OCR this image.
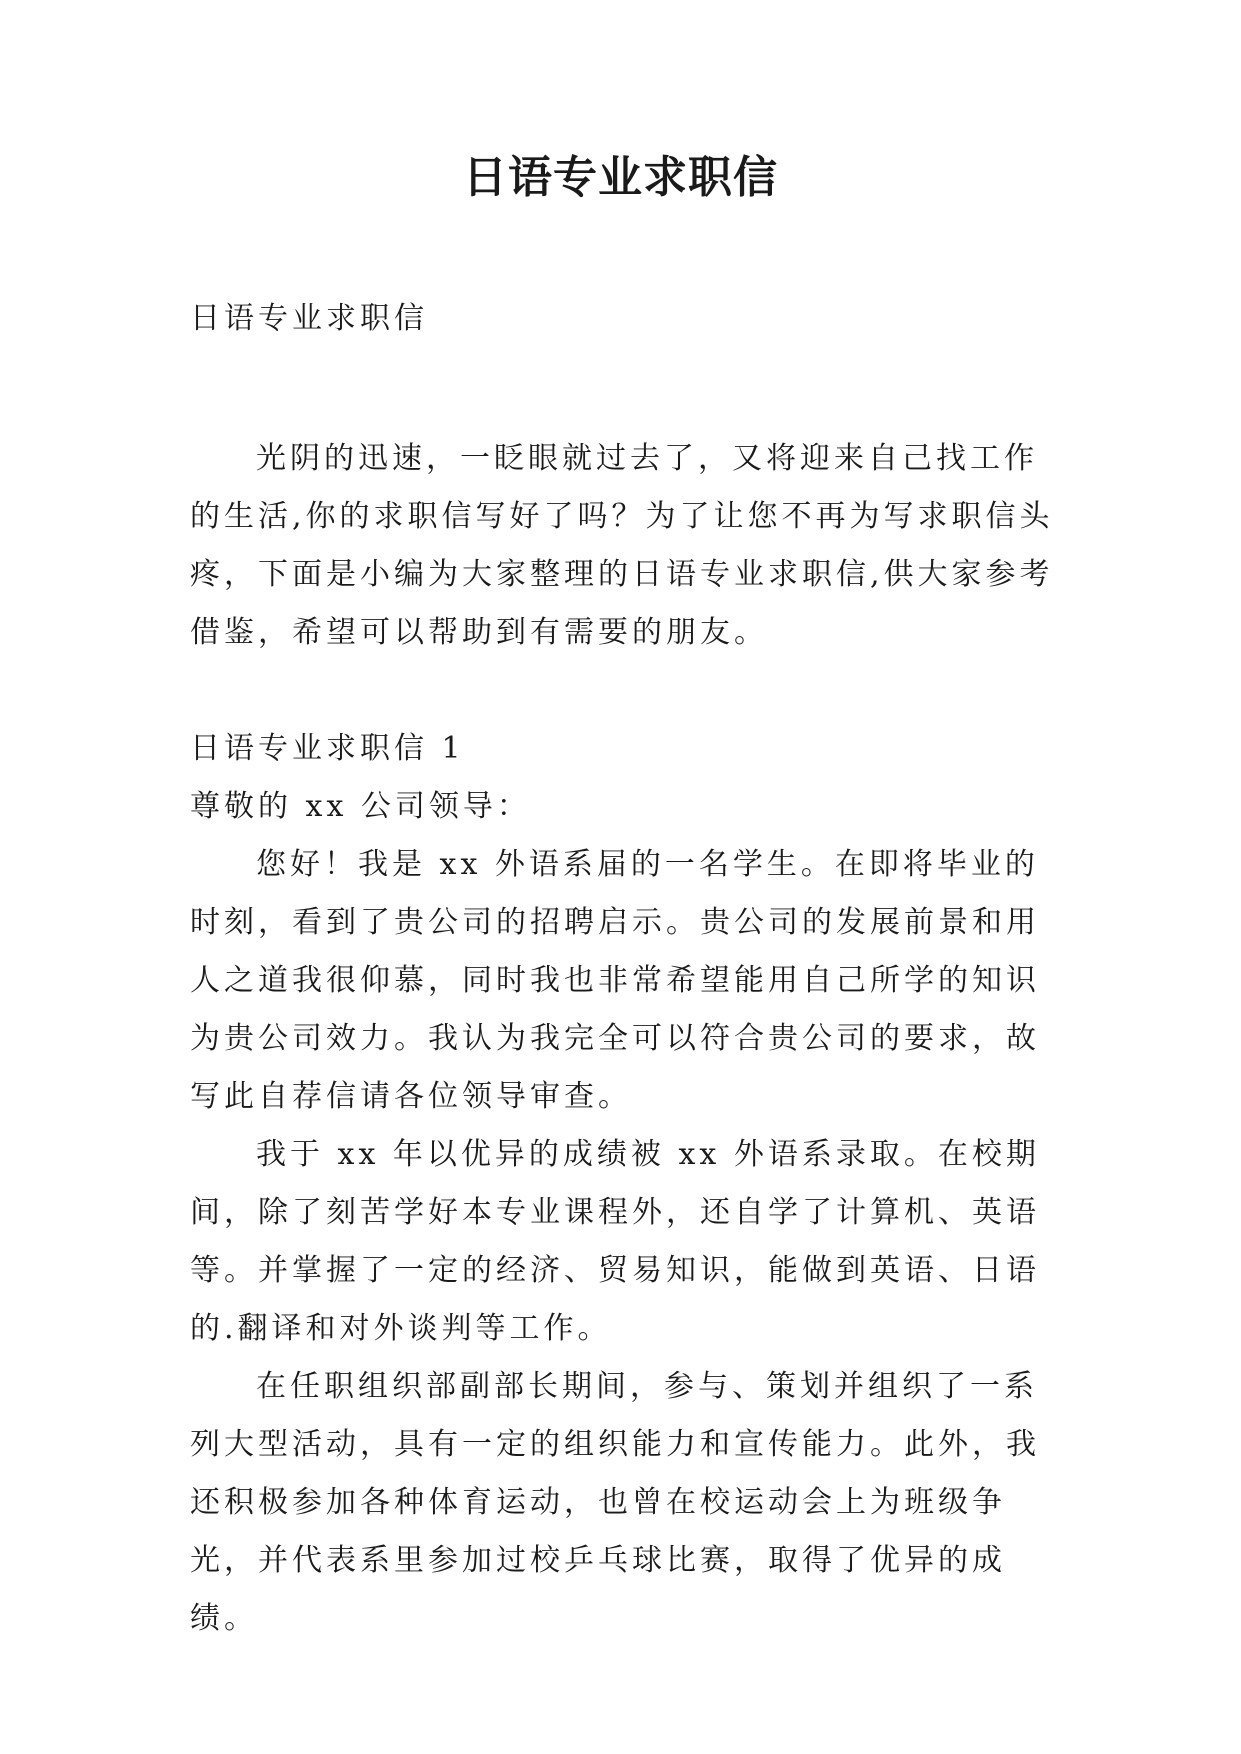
日语专业求职信

日语专业求职信

光阴的迅速，一眨眼就过去了，又将迎来自己找工作的生活,你的求职信写好了吗？为了让您不再为写求职信头疼，下面是小编为大家整理的日语专业求职信,供大家参考借鉴，希望可以帮助到有需要的朋友。

日语专业求职信 1

尊敬的 xx 公司领导：

您好！我是 xx 外语系届的一名学生。在即将毕业的时刻，看到了贵公司的招聘启示。贵公司的发展前景和用人之道我很仰慕，同时我也非常希望能用自己所学的知识为贵公司效力。我认为我完全可以符合贵公司的要求，故写此自荐信请各位领导审查。

我于 xx 年以优异的成绩被 xx 外语系录取。在校期间，除了刻苦学好本专业课程外，还自学了计算机、英语等。并掌握了一定的经济、贸易知识，能做到英语、日语的.翻译和对外谈判等工作。

在任职组织部副部长期间，参与、策划并组织了一系列大型活动，具有一定的组织能力和宣传能力。此外，我还积极参加各种体育运动，也曾在校运动会上为班级争光，并代表系里参加过校乒乓球比赛，取得了优异的成绩。
